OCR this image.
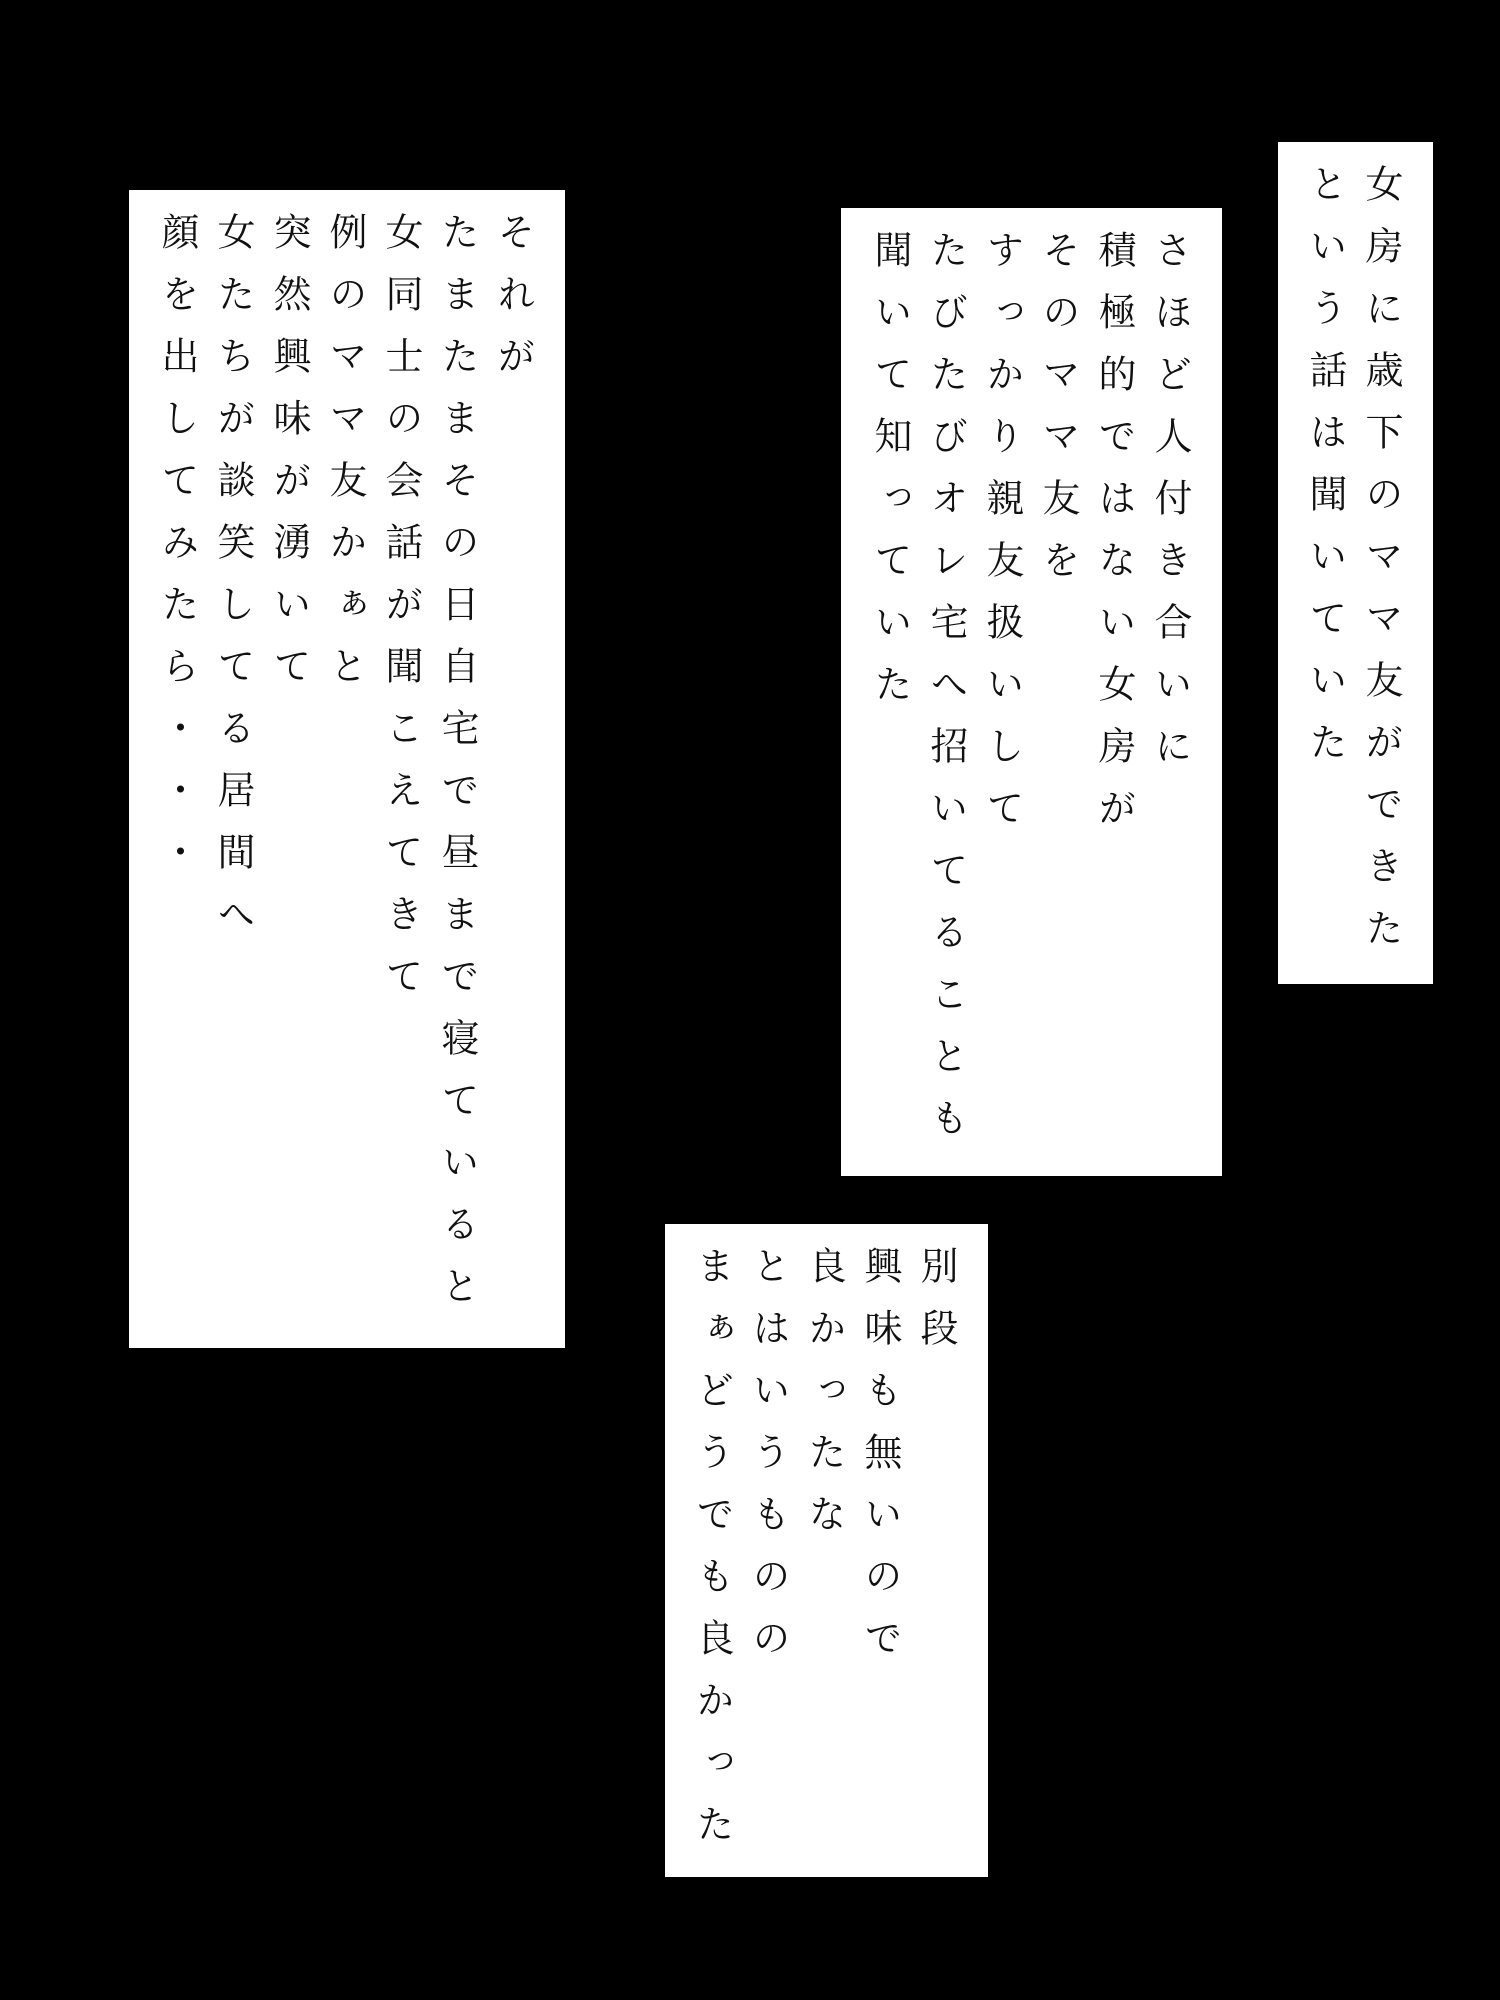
女房に歳下のママ友ができた
という話は聞いていた

さほど人付き合いに
積極的ではない女房が
そのママ友を
すっかり親友扱いして
たびたびオレ宅へ招いてることも
聞いて知っていた

それが
たまたまその日自宅で昼まで寝ていると
女同士の会話が聞こえてきて
例のママ友かぁと
突然興味が湧いて
女たちが談笑してる居間へ
顔を出してみたら・・・

別段
興味も無いので
良かったな
とはいうものの
まぁどうでも良かった
